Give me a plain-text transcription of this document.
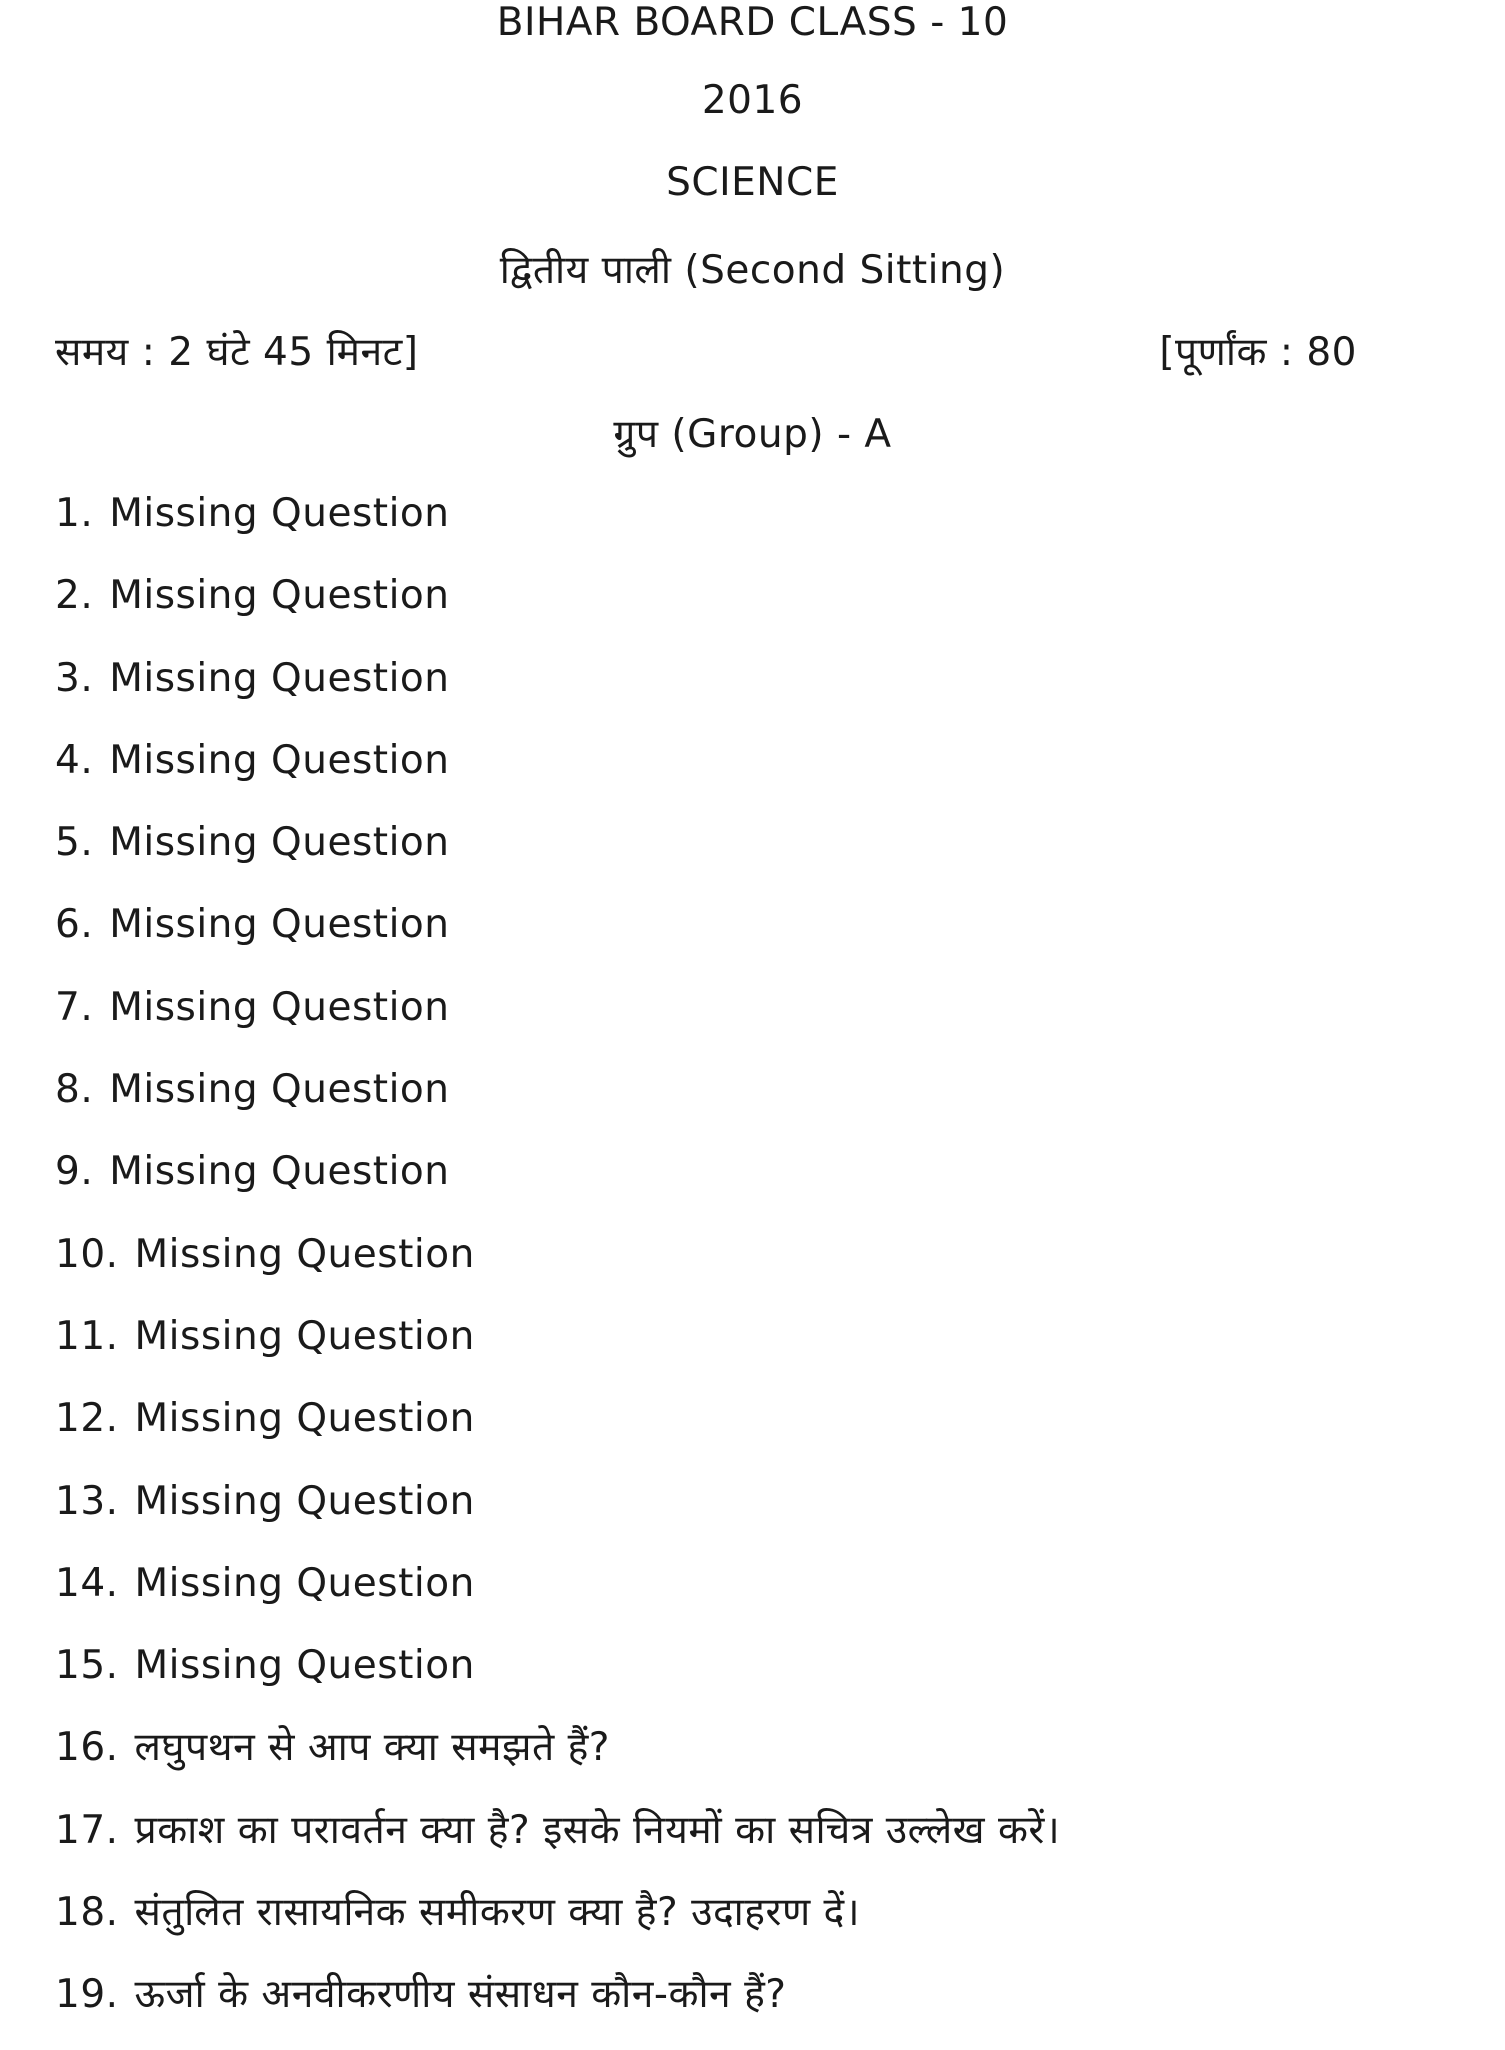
BIHAR BOARD CLASS - 10
2016
SCIENCE
द्वितीय पाली (Second Sitting)
समय : 2 घंटे 45 मिनट]	[पूर्णांक : 80
ग्रुप (Group) - A
1. Missing Question
2. Missing Question
3. Missing Question
4. Missing Question
5. Missing Question
6. Missing Question
7. Missing Question
8. Missing Question
9. Missing Question
10. Missing Question
11. Missing Question
12. Missing Question
13. Missing Question
14. Missing Question
15. Missing Question
16. लघुपथन से आप क्या समझते हैं?
17. प्रकाश का परावर्तन क्या है? इसके नियमों का सचित्र उल्लेख करें।
18. संतुलित रासायनिक समीकरण क्या है? उदाहरण दें।
19. ऊर्जा के अनवीकरणीय संसाधन कौन-कौन हैं?
